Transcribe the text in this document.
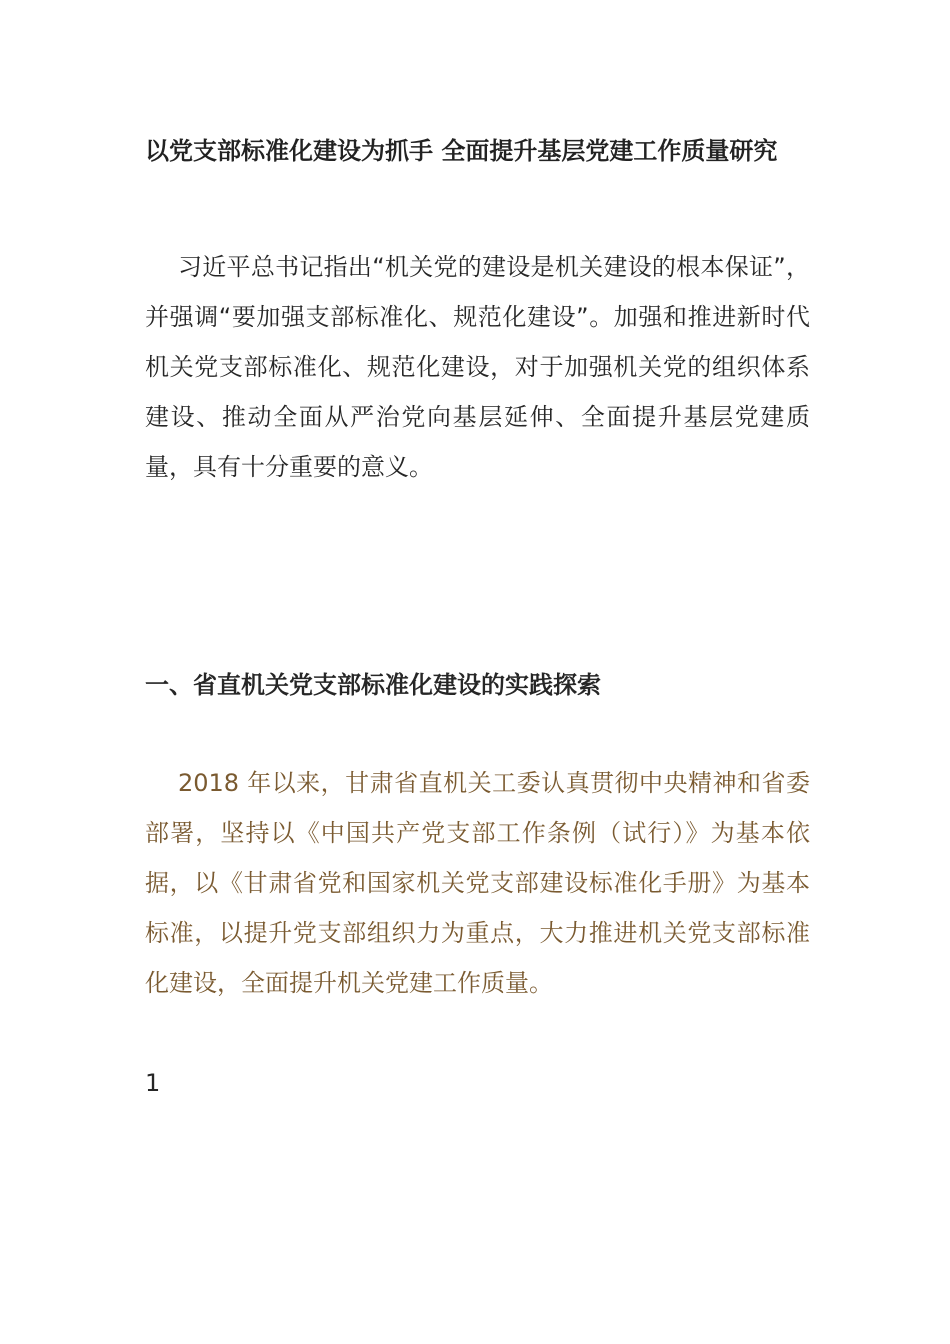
以党支部标准化建设为抓手 全面提升基层党建工作质量研究

习近平总书记指出“机关党的建设是机关建设的根本保证”，并强调“要加强支部标准化、规范化建设”。加强和推进新时代机关党支部标准化、规范化建设，对于加强机关党的组织体系建设、推动全面从严治党向基层延伸、全面提升基层党建质量，具有十分重要的意义。

一、省直机关党支部标准化建设的实践探索

2018 年以来，甘肃省直机关工委认真贯彻中央精神和省委部署，坚持以《中国共产党支部工作条例（试行）》为基本依据，以《甘肃省党和国家机关党支部建设标准化手册》为基本标准，以提升党支部组织力为重点，大力推进机关党支部标准化建设，全面提升机关党建工作质量。

1
